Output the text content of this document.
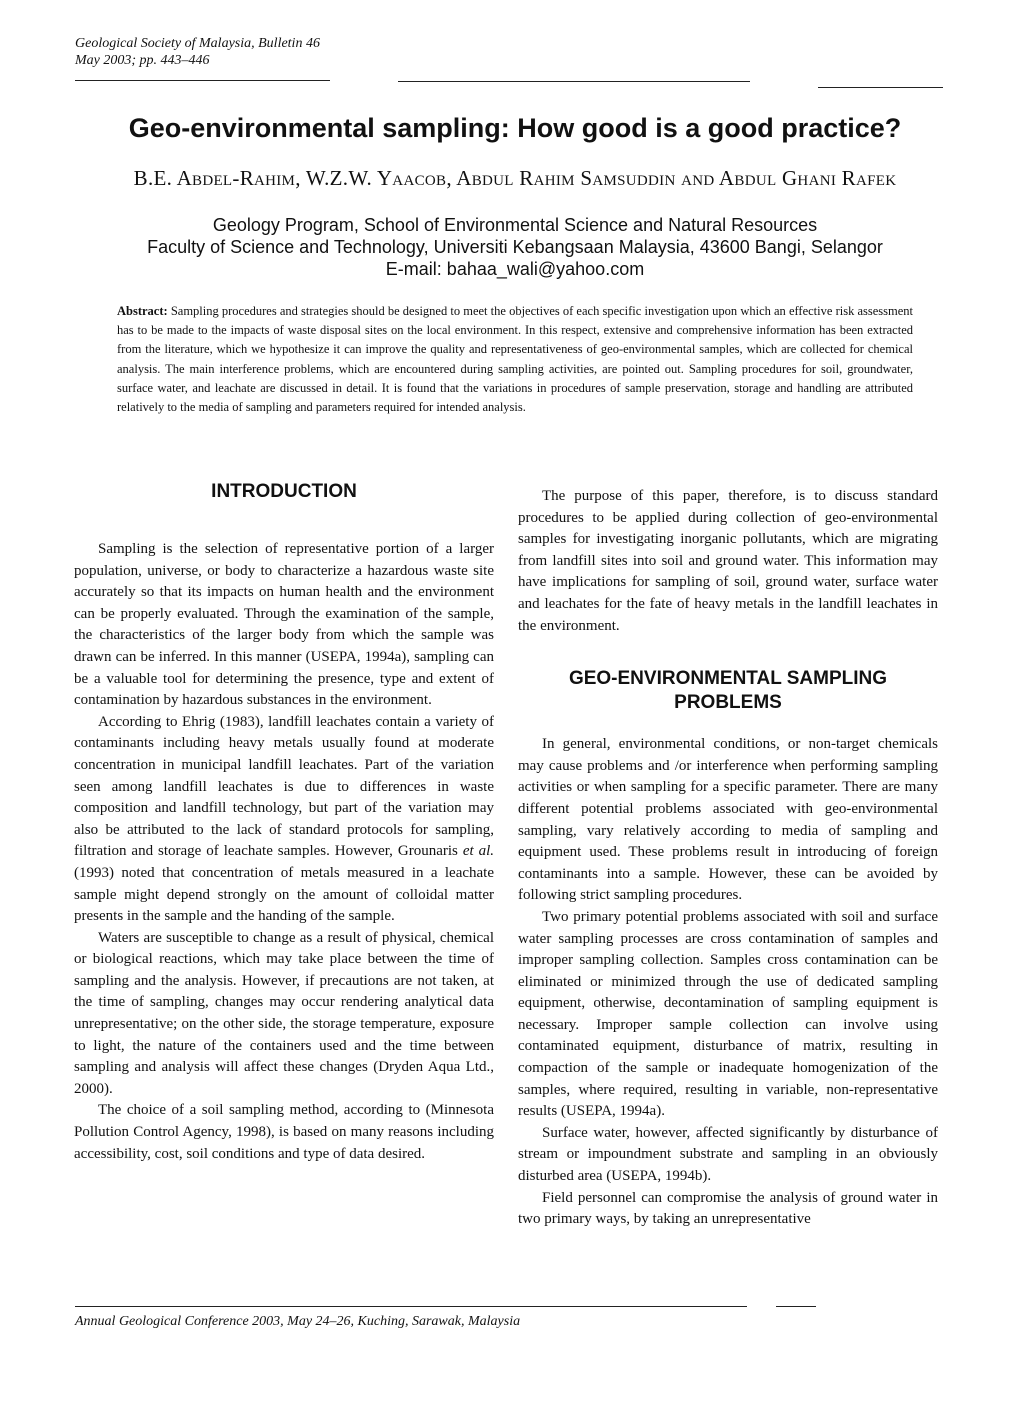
Geological Society of Malaysia, Bulletin 46
May 2003; pp. 443–446
Geo-environmental sampling: How good is a good practice?
B.E. Abdel-Rahim, W.Z.W. Yaacob, Abdul Rahim Samsuddin and Abdul Ghani Rafek
Geology Program, School of Environmental Science and Natural Resources
Faculty of Science and Technology, Universiti Kebangsaan Malaysia, 43600 Bangi, Selangor
E-mail: bahaa_wali@yahoo.com
Abstract: Sampling procedures and strategies should be designed to meet the objectives of each specific investigation upon which an effective risk assessment has to be made to the impacts of waste disposal sites on the local environment. In this respect, extensive and comprehensive information has been extracted from the literature, which we hypothesize it can improve the quality and representativeness of geo-environmental samples, which are collected for chemical analysis. The main interference problems, which are encountered during sampling activities, are pointed out. Sampling procedures for soil, groundwater, surface water, and leachate are discussed in detail. It is found that the variations in procedures of sample preservation, storage and handling are attributed relatively to the media of sampling and parameters required for intended analysis.
INTRODUCTION

Sampling is the selection of representative portion of a larger population, universe, or body to characterize a hazardous waste site accurately so that its impacts on human health and the environment can be properly evaluated. Through the examination of the sample, the characteristics of the larger body from which the sample was drawn can be inferred. In this manner (USEPA, 1994a), sampling can be a valuable tool for determining the presence, type and extent of contamination by hazardous substances in the environment.

According to Ehrig (1983), landfill leachates contain a variety of contaminants including heavy metals usually found at moderate concentration in municipal landfill leachates. Part of the variation seen among landfill leachates is due to differences in waste composition and landfill technology, but part of the variation may also be attributed to the lack of standard protocols for sampling, filtration and storage of leachate samples. However, Grounaris et al. (1993) noted that concentration of metals measured in a leachate sample might depend strongly on the amount of colloidal matter presents in the sample and the handing of the sample.

Waters are susceptible to change as a result of physical, chemical or biological reactions, which may take place between the time of sampling and the analysis. However, if precautions are not taken, at the time of sampling, changes may occur rendering analytical data unrepresentative; on the other side, the storage temperature, exposure to light, the nature of the containers used and the time between sampling and analysis will affect these changes (Dryden Aqua Ltd., 2000).

The choice of a soil sampling method, according to (Minnesota Pollution Control Agency, 1998), is based on many reasons including accessibility, cost, soil conditions and type of data desired.

The purpose of this paper, therefore, is to discuss standard procedures to be applied during collection of geo-environmental samples for investigating inorganic pollutants, which are migrating from landfill sites into soil and ground water. This information may have implications for sampling of soil, ground water, surface water and leachates for the fate of heavy metals in the landfill leachates in the environment.

GEO-ENVIRONMENTAL SAMPLING
PROBLEMS

In general, environmental conditions, or non-target chemicals may cause problems and /or interference when performing sampling activities or when sampling for a specific parameter. There are many different potential problems associated with geo-environmental sampling, vary relatively according to media of sampling and equipment used. These problems result in introducing of foreign contaminants into a sample. However, these can be avoided by following strict sampling procedures.

Two primary potential problems associated with soil and surface water sampling processes are cross contamination of samples and improper sampling collection. Samples cross contamination can be eliminated or minimized through the use of dedicated sampling equipment, otherwise, decontamination of sampling equipment is necessary. Improper sample collection can involve using contaminated equipment, disturbance of matrix, resulting in compaction of the sample or inadequate homogenization of the samples, where required, resulting in variable, non-representative results (USEPA, 1994a).

Surface water, however, affected significantly by disturbance of stream or impoundment substrate and sampling in an obviously disturbed area (USEPA, 1994b).

Field personnel can compromise the analysis of ground water in two primary ways, by taking an unrepresentative

Annual Geological Conference 2003, May 24–26, Kuching, Sarawak, Malaysia
